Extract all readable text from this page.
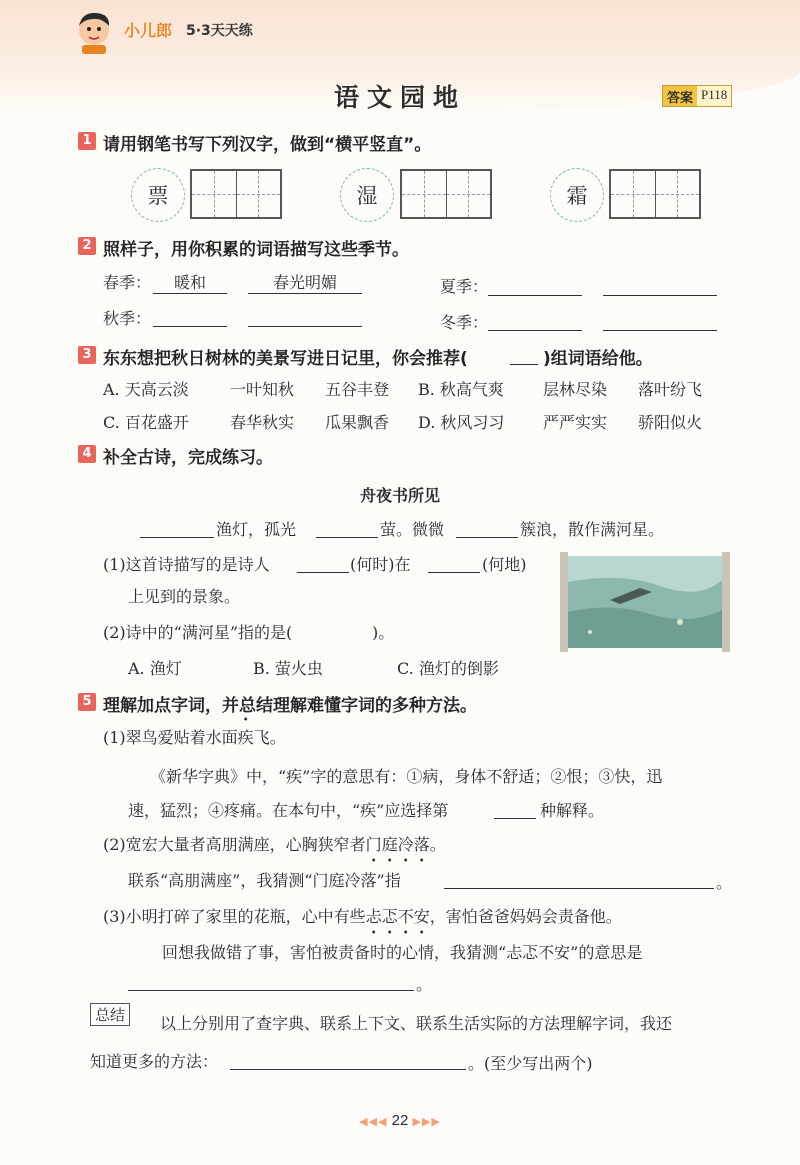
小儿郎 5·3天天练
语文园地	答案 P118
1 请用钢笔书写下列汉字，做到“横平竖直”。
票	湿	霜
2 照样子，用你积累的词语描写这些季节。
春季：	暖和	春光明媚	夏季：
秋季：	冬季：
3 东东想把秋日树林的美景写进日记里，你会推荐(	)组词语给他。
A. 天高云淡	一叶知秋 五谷丰登 B. 秋高气爽 层林尽染 落叶纷飞
C. 百花盛开	春华秋实 瓜果飘香 D. 秋风习习 严严实实 骄阳似火
4 补全古诗，完成练习。
舟夜书所见
渔灯，孤光	萤。微微	簇浪，散作满河星。
(1)这首诗描写的是诗人	(何时)在	(何地)
上见到的景象。
(2)诗中的“满河星”指的是(	)。
A. 渔灯	B. 萤火虫	C. 渔灯的倒影
5 理解加点字词，并总结理解难懂字词的多种方法。
(1)翠鸟爱贴着水面疾飞。
《新华字典》中，“疾”字的意思有：①病，身体不舒适；②恨；③快，迅
速，猛烈；④疼痛。在本句中，“疾”应选择第	种解释。
(2)宽宏大量者高朋满座，心胸狭窄者门庭冷落。
联系“高朋满座”，我猜测“门庭冷落”指	。
(3)小明打碎了家里的花瓶，心中有些忐忑不安，害怕爸爸妈妈会责备他。
回想我做错了事，害怕被责备时的心情，我猜测“忐忑不安”的意思是
。
总结	以上分别用了查字典、联系上下文、联系生活实际的方法理解字词，我还
知道更多的方法：	。(至少写出两个)
◀◀◀ 22 ▶▶▶
